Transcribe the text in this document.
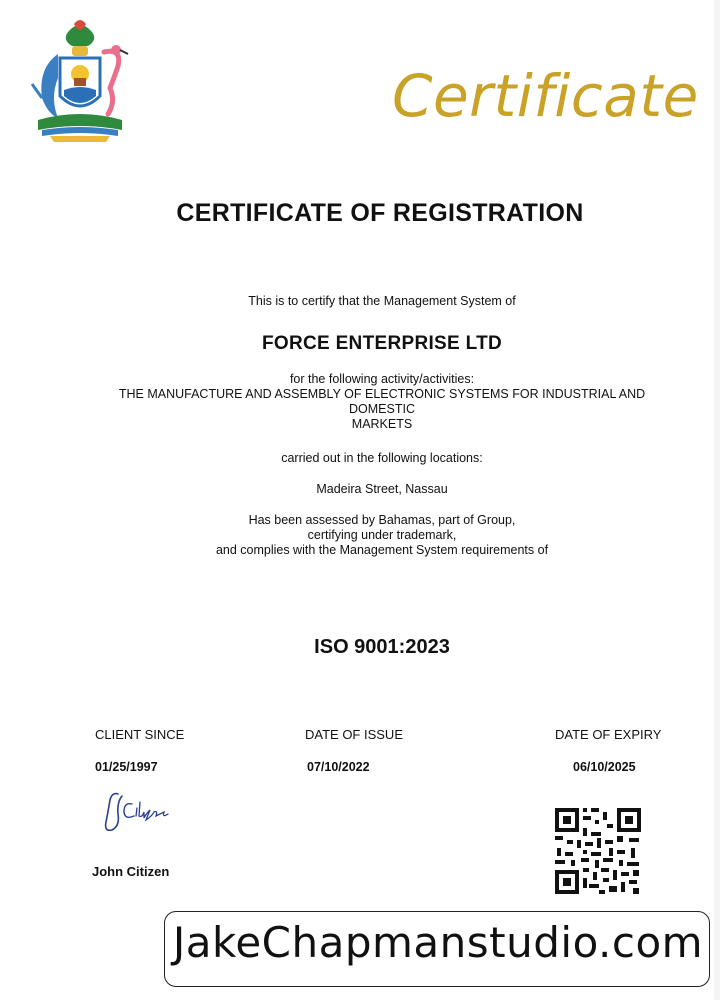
Certificate
CERTIFICATE OF REGISTRATION
This is to certify that the Management System of
FORCE ENTERPRISE LTD
for the following activity/activities:
THE MANUFACTURE AND ASSEMBLY OF ELECTRONIC SYSTEMS FOR INDUSTRIAL AND
DOMESTIC
MARKETS
carried out in the following locations:
Madeira Street, Nassau
Has been assessed by Bahamas, part of Group,
certifying under trademark,
and complies with the Management System requirements of
ISO 9001:2023
CLIENT SINCE
01/25/1997
DATE OF ISSUE
07/10/2022
DATE OF EXPIRY
06/10/2025
John Citizen
JakeChapmanstudio.com
